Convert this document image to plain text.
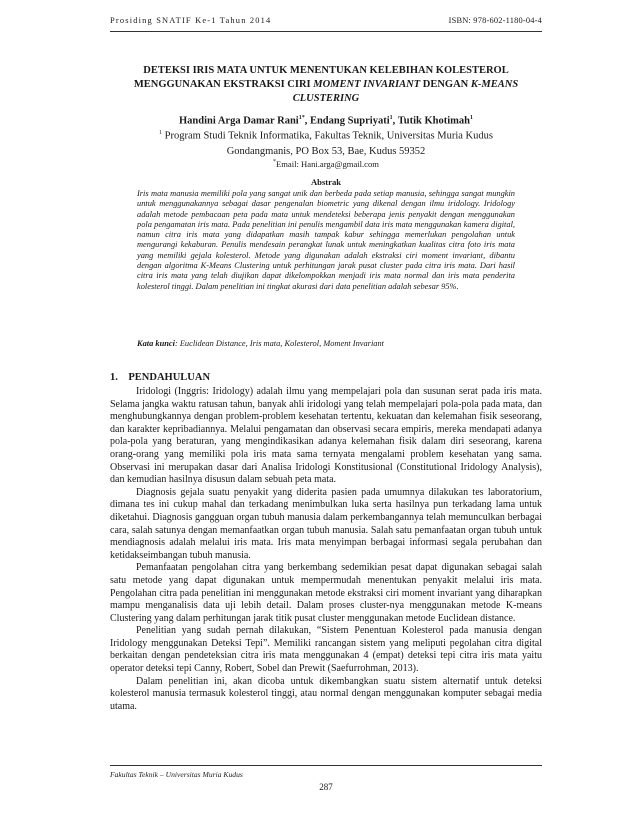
Prosiding SNATIF Ke-1 Tahun 2014	ISBN: 978-602-1180-04-4
DETEKSI IRIS MATA UNTUK MENENTUKAN KELEBIHAN KOLESTEROL
MENGGUNAKAN EKSTRAKSI CIRI MOMENT INVARIANT DENGAN K-MEANS
CLUSTERING
Handini Arga Damar Rani$^{1*}$, Endang Supriyati$^1$, Tutik Khotimah$^1$
$^1$ Program Studi Teknik Informatika, Fakultas Teknik, Universitas Muria Kudus
Gondangmanis, PO Box 53, Bae, Kudus 59352
*Email: Hani.arga@gmail.com
Abstrak
Iris mata manusia memiliki pola yang sangat unik dan berbeda pada setiap manusia, sehingga sangat mungkin untuk menggunakannya sebagai dasar pengenalan biometric yang dikenal dengan ilmu iridology. Iridology adalah metode pembacaan peta pada mata untuk mendeteksi beberapa jenis penyakit dengan menggunakan pola pengamatan iris mata. Pada penelitian ini penulis mengambil data iris mata menggunakan kamera digital, namun citra iris mata yang didapatkan masih tampak kabur sehingga memerlukan pengolahan untuk mengurangi kekaburan. Penulis mendesain perangkat lunak untuk meningkatkan kualitas citra foto iris mata yang memiliki gejala kolesterol. Metode yang digunakan adalah ekstraksi ciri moment invariant, dibantu dengan algoritma K-Means Clustering untuk perhitungan jarak pusat cluster pada citra iris mata. Dari hasil citra iris mata yang telah diujikan dapat dikelompokkan menjadi iris mata normal dan iris mata penderita kolesterol tinggi. Dalam penelitian ini tingkat akurasi dari data penelitian adalah sebesar 95%.
Kata kunci: Euclidean Distance, Iris mata, Kolesterol, Moment Invariant
1. PENDAHULUAN

Iridologi (Inggris: Iridology) adalah ilmu yang mempelajari pola dan susunan serat pada iris mata. Selama jangka waktu ratusan tahun, banyak ahli iridologi yang telah mempelajari pola-pola pada mata, dan menghubungkannya dengan problem-problem kesehatan tertentu, kekuatan dan kelemahan fisik seseorang, dan karakter kepribadiannya. Melalui pengamatan dan observasi secara empiris, mereka mendapati adanya pola-pola yang beraturan, yang mengindikasikan adanya kelemahan fisik dalam diri seseorang, karena orang-orang yang memiliki pola iris mata sama ternyata mengalami problem kesehatan yang sama. Observasi ini merupakan dasar dari Analisa Iridologi Konstitusional (Constitutional Iridology Analysis), dan kemudian hasilnya disusun dalam sebuah peta mata.

Diagnosis gejala suatu penyakit yang diderita pasien pada umumnya dilakukan tes laboratorium, dimana tes ini cukup mahal dan terkadang menimbulkan luka serta hasilnya pun terkadang lama untuk diketahui. Diagnosis gangguan organ tubuh manusia dalam perkembangannya telah memunculkan berbagai cara, salah satunya dengan memanfaatkan organ tubuh manusia. Salah satu pemanfaatan organ tubuh untuk mendiagnosis adalah melalui iris mata. Iris mata menyimpan berbagai informasi segala perubahan dan ketidakseimbangan tubuh manusia.

Pemanfaatan pengolahan citra yang berkembang sedemikian pesat dapat digunakan sebagai salah satu metode yang dapat digunakan untuk mempermudah menentukan penyakit melalui iris mata. Pengolahan citra pada penelitian ini menggunakan metode ekstraksi ciri moment invariant yang diharapkan mampu menganalisis data uji lebih detail. Dalam proses cluster-nya menggunakan metode K-means Clustering yang dalam perhitungan jarak titik pusat cluster menggunakan metode Euclidean distance.

Penelitian yang sudah pernah dilakukan, “Sistem Penentuan Kolesterol pada manusia dengan Iridology menggunakan Deteksi Tepi”. Memiliki rancangan sistem yang meliputi pegolahan citra digital berkaitan dengan pendeteksian citra iris mata menggunakan 4 (empat) deteksi tepi citra iris mata yaitu operator deteksi tepi Canny, Robert, Sobel dan Prewit (Saefurrohman, 2013).

Dalam penelitian ini, akan dicoba untuk dikembangkan suatu sistem alternatif untuk deteksi kolesterol manusia termasuk kolesterol tinggi, atau normal dengan menggunakan komputer sebagai media utama.

Fakultas Teknik – Universitas Muria Kudus
287
